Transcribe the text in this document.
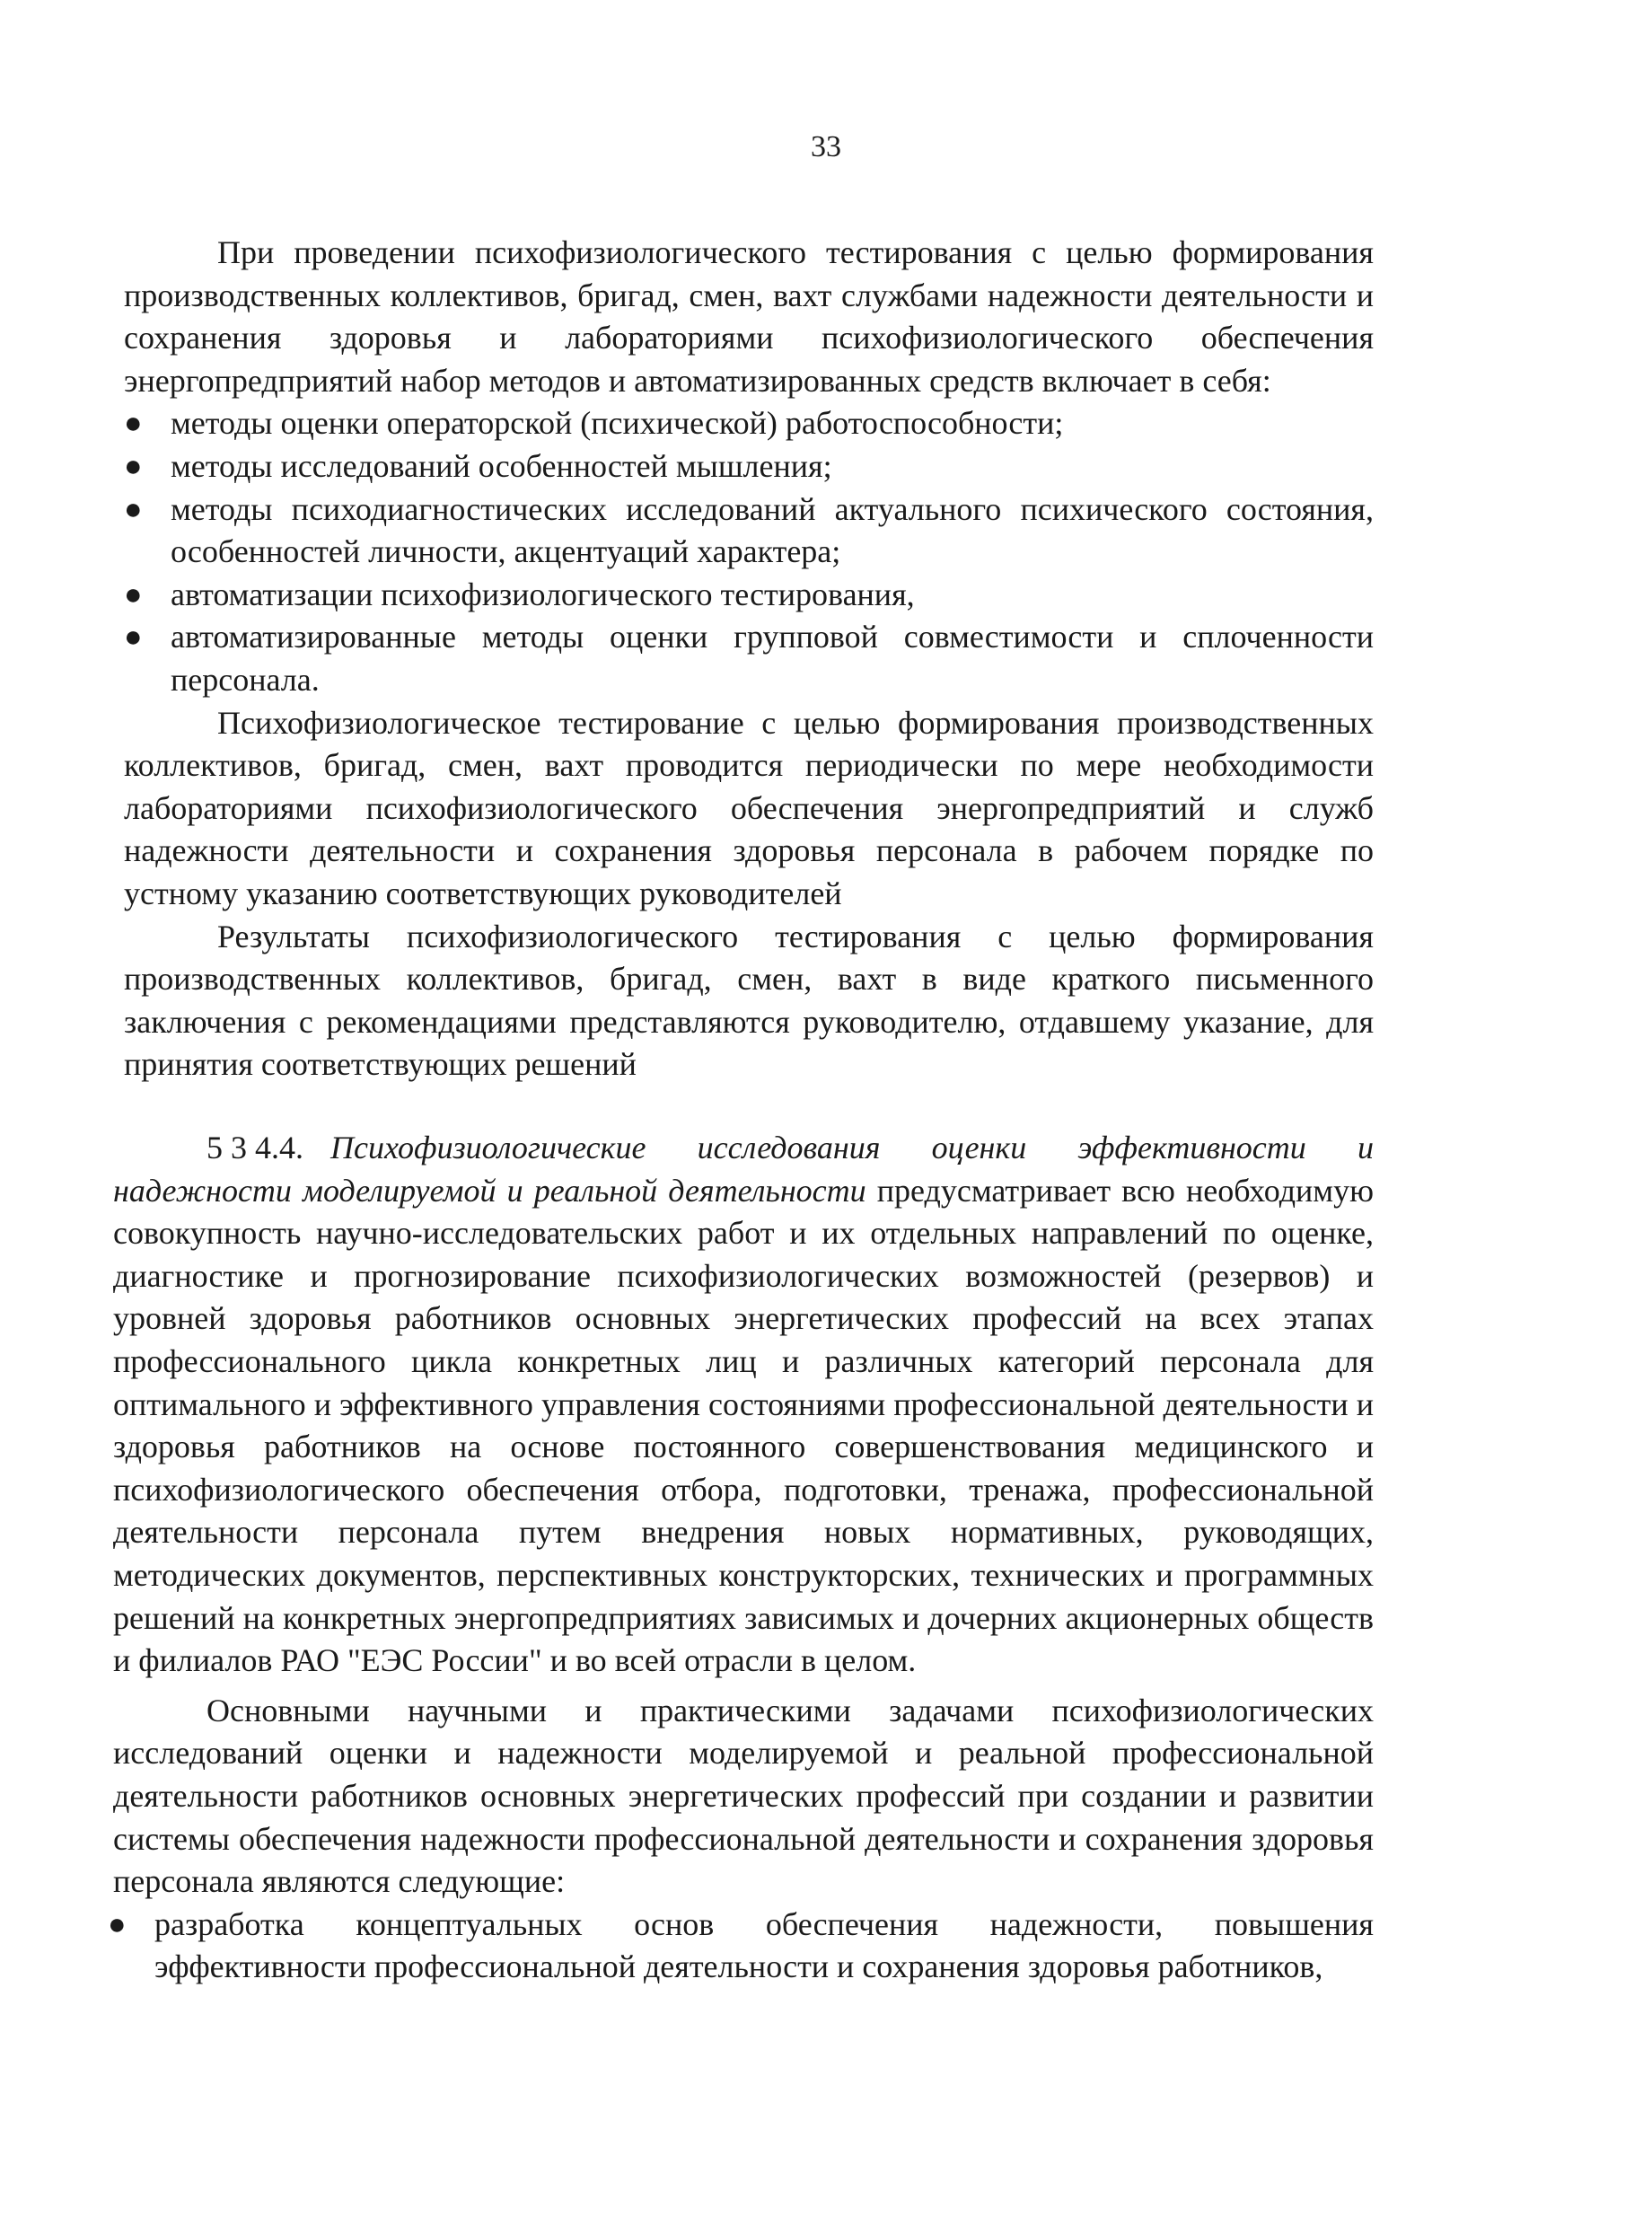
33

При проведении психофизиологического тестирования с целью формирования производственных коллективов, бригад, смен, вахт службами надежности деятельности и сохранения здоровья и лабораториями психофизиологического обеспечения энергопредприятий набор методов и автоматизированных средств включает в себя:

● методы оценки операторской (психической) работоспособности;
● методы исследований особенностей мышления;
● методы психодиагностических исследований актуального психического состояния, особенностей личности, акцентуаций характера;
● автоматизации психофизиологического тестирования,
● автоматизированные методы оценки групповой совместимости и сплоченности персонала.

Психофизиологическое тестирование с целью формирования производственных коллективов, бригад, смен, вахт проводится периодически по мере необходимости лабораториями психофизиологического обеспечения энергопредприятий и служб надежности деятельности и сохранения здоровья персонала в рабочем порядке по устному указанию соответствующих руководителей

Результаты психофизиологического тестирования с целью формирования производственных коллективов, бригад, смен, вахт в виде краткого письменного заключения с рекомендациями представляются руководителю, отдавшему указание, для принятия соответствующих решений

5 3 4.4. Психофизиологические исследования оценки эффективности и надежности моделируемой и реальной деятельности предусматривает всю необходимую совокупность научно-исследовательских работ и их отдельных направлений по оценке, диагностике и прогнозирование психофизиологических возможностей (резервов) и уровней здоровья работников основных энергетических профессий на всех этапах профессионального цикла конкретных лиц и различных категорий персонала для оптимального и эффективного управления состояниями профессиональной деятельности и здоровья работников на основе постоянного совершенствования медицинского и психофизиологического обеспечения отбора, подготовки, тренажа, профессиональной деятельности персонала путем внедрения новых нормативных, руководящих, методических документов, перспективных конструкторских, технических и программных решений на конкретных энергопредприятиях зависимых и дочерних акционерных обществ и филиалов РАО "ЕЭС России" и во всей отрасли в целом.

Основными научными и практическими задачами психофизиологических исследований оценки и надежности моделируемой и реальной профессиональной деятельности работников основных энергетических профессий при создании и развитии системы обеспечения надежности профессиональной деятельности и сохранения здоровья персонала являются следующие:

● разработка концептуальных основ обеспечения надежности, повышения эффективности профессиональной деятельности и сохранения здоровья работников,
